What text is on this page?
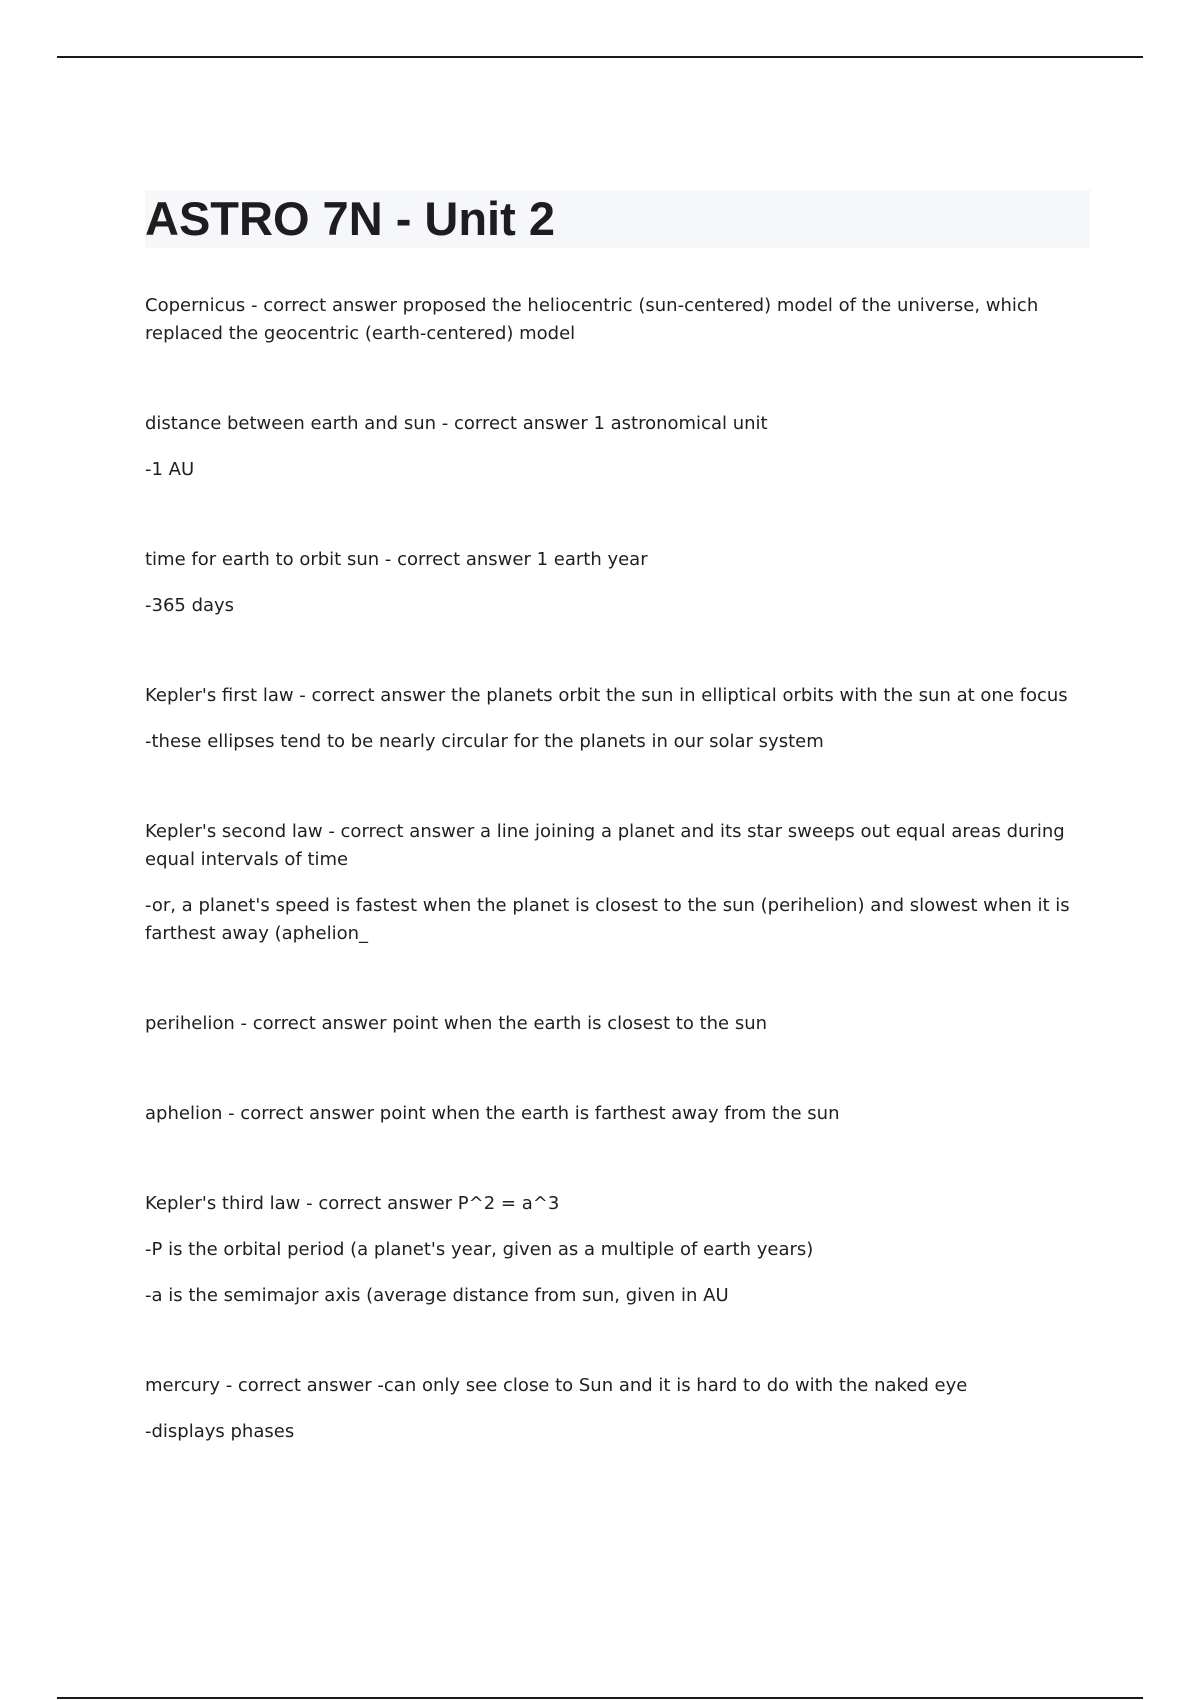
ASTRO 7N - Unit 2

Copernicus - correct answer proposed the heliocentric (sun-centered) model of the universe, which replaced the geocentric (earth-centered) model

distance between earth and sun - correct answer 1 astronomical unit

-1 AU

time for earth to orbit sun - correct answer 1 earth year

-365 days

Kepler's first law - correct answer the planets orbit the sun in elliptical orbits with the sun at one focus

-these ellipses tend to be nearly circular for the planets in our solar system

Kepler's second law - correct answer a line joining a planet and its star sweeps out equal areas during equal intervals of time

-or, a planet's speed is fastest when the planet is closest to the sun (perihelion) and slowest when it is farthest away (aphelion_

perihelion - correct answer point when the earth is closest to the sun

aphelion - correct answer point when the earth is farthest away from the sun

Kepler's third law - correct answer P^2 = a^3

-P is the orbital period (a planet's year, given as a multiple of earth years)

-a is the semimajor axis (average distance from sun, given in AU

mercury - correct answer -can only see close to Sun and it is hard to do with the naked eye

-displays phases
